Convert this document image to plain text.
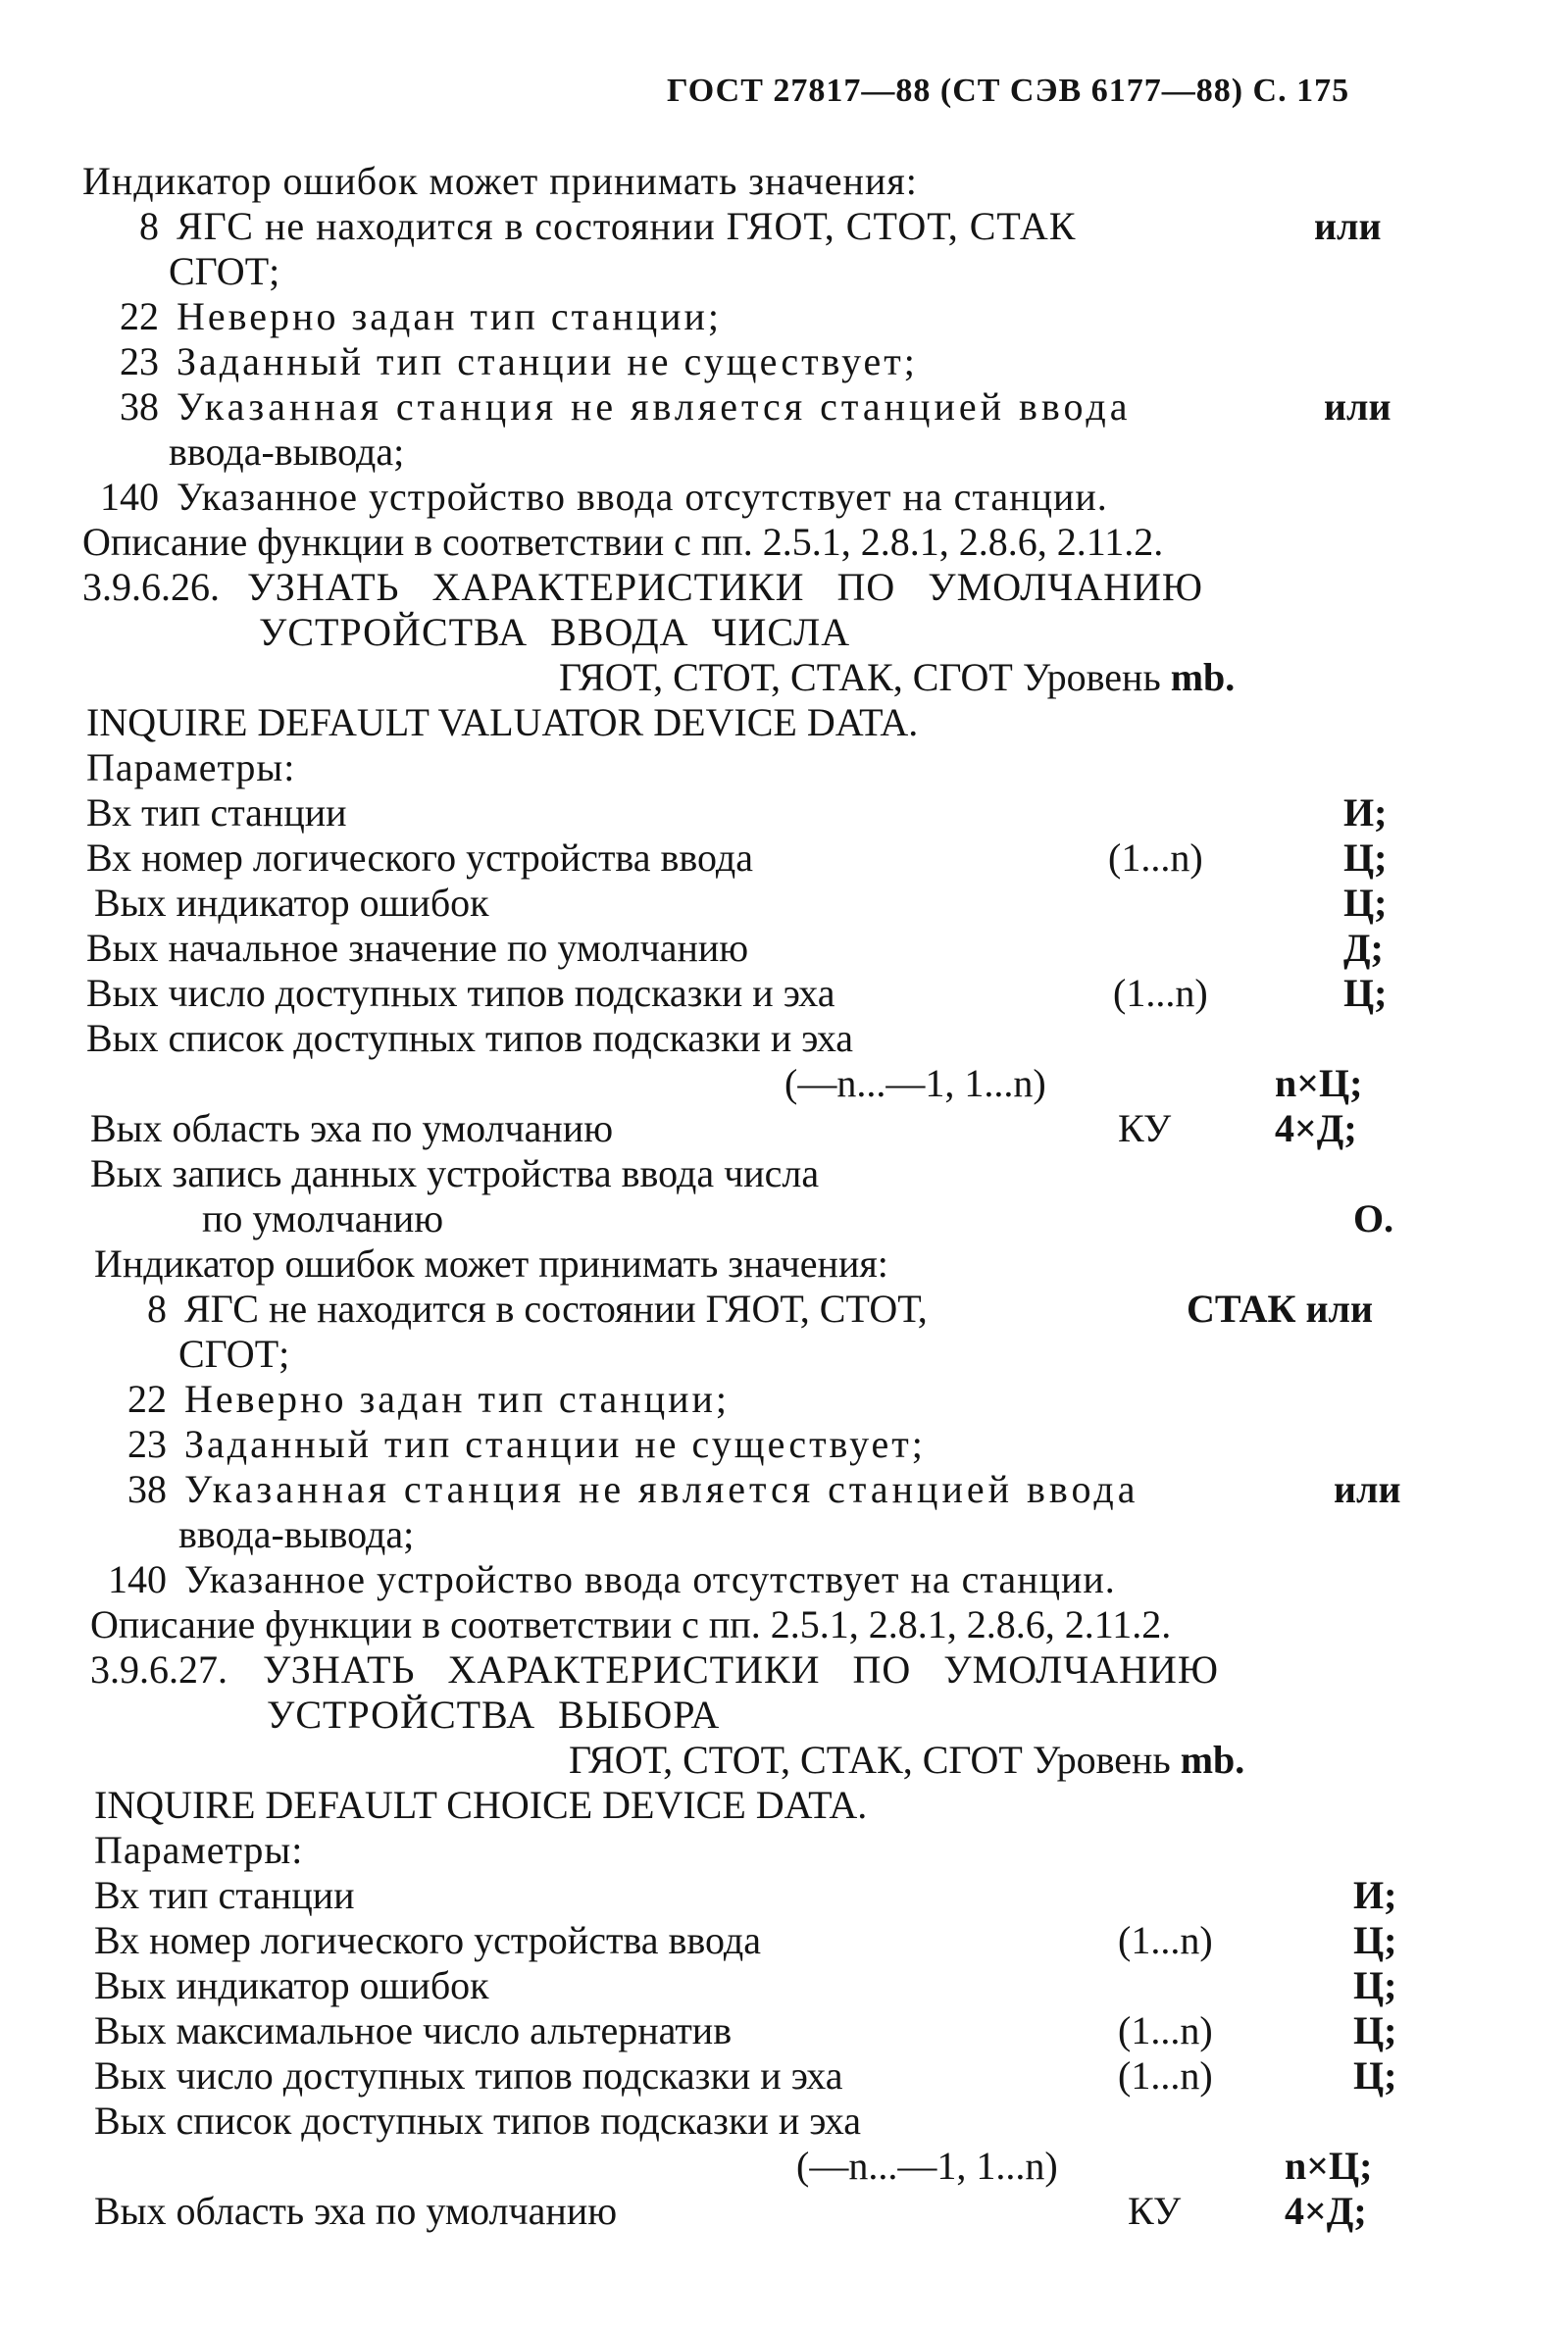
ГОСТ 27817—88 (СТ СЭВ 6177—88) С. 175
Индикатор ошибок может принимать значения:
8 ЯГС не находится в состоянии ГЯОТ, СТОТ, СТАК	или
СГОТ;
22 Неверно задан тип станции;
23 Заданный тип станции не существует;
38 Указанная станция не является станцией ввода	или
ввода-вывода;
140 Указанное устройство ввода отсутствует на станции.
Описание функции в соответствии с пп. 2.5.1, 2.8.1, 2.8.6, 2.11.2.
3.9.6.26. УЗНАТЬ ХАРАКТЕРИСТИКИ ПО УМОЛЧАНИЮ
УСТРОЙСТВА ВВОДА ЧИСЛА
ГЯОТ, СТОТ, СТАК, СГОТ Уровень mb.
INQUIRE DEFAULT VALUATOR DEVICE DATA.
Параметры:
Вх тип станции	И;
Вх номер логического устройства ввода	(1...n)	Ц;
Вых индикатор ошибок	Ц;
Вых начальное значение по умолчанию	Д;
Вых число доступных типов подсказки и эха	(1...n)	Ц;
Вых список доступных типов подсказки и эха
(—n...—1, 1...n)	n×Ц;
Вых область эха по умолчанию	КУ	4×Д;
Вых запись данных устройства ввода числа
по умолчанию	О.
Индикатор ошибок может принимать значения:
8 ЯГС не находится в состоянии ГЯОТ, СТОТ,	СТАК или
СГОТ;
22 Неверно задан тип станции;
23 Заданный тип станции не существует;
38 Указанная станция не является станцией ввода	или
ввода-вывода;
140 Указанное устройство ввода отсутствует на станции.
Описание функции в соответствии с пп. 2.5.1, 2.8.1, 2.8.6, 2.11.2.
3.9.6.27. УЗНАТЬ ХАРАКТЕРИСТИКИ ПО УМОЛЧАНИЮ
УСТРОЙСТВА ВЫБОРА
ГЯОТ, СТОТ, СТАК, СГОТ Уровень mb.
INQUIRE DEFAULT CHOICE DEVICE DATA.
Параметры:
Вх тип станции	И;
Вх номер логического устройства ввода	(1...n)	Ц;
Вых индикатор ошибок	Ц;
Вых максимальное число альтернатив	(1...n)	Ц;
Вых число доступных типов подсказки и эха	(1...n)	Ц;
Вых список доступных типов подсказки и эха
(—n...—1, 1...n)	n×Ц;
Вых область эха по умолчанию	КУ	4×Д;
